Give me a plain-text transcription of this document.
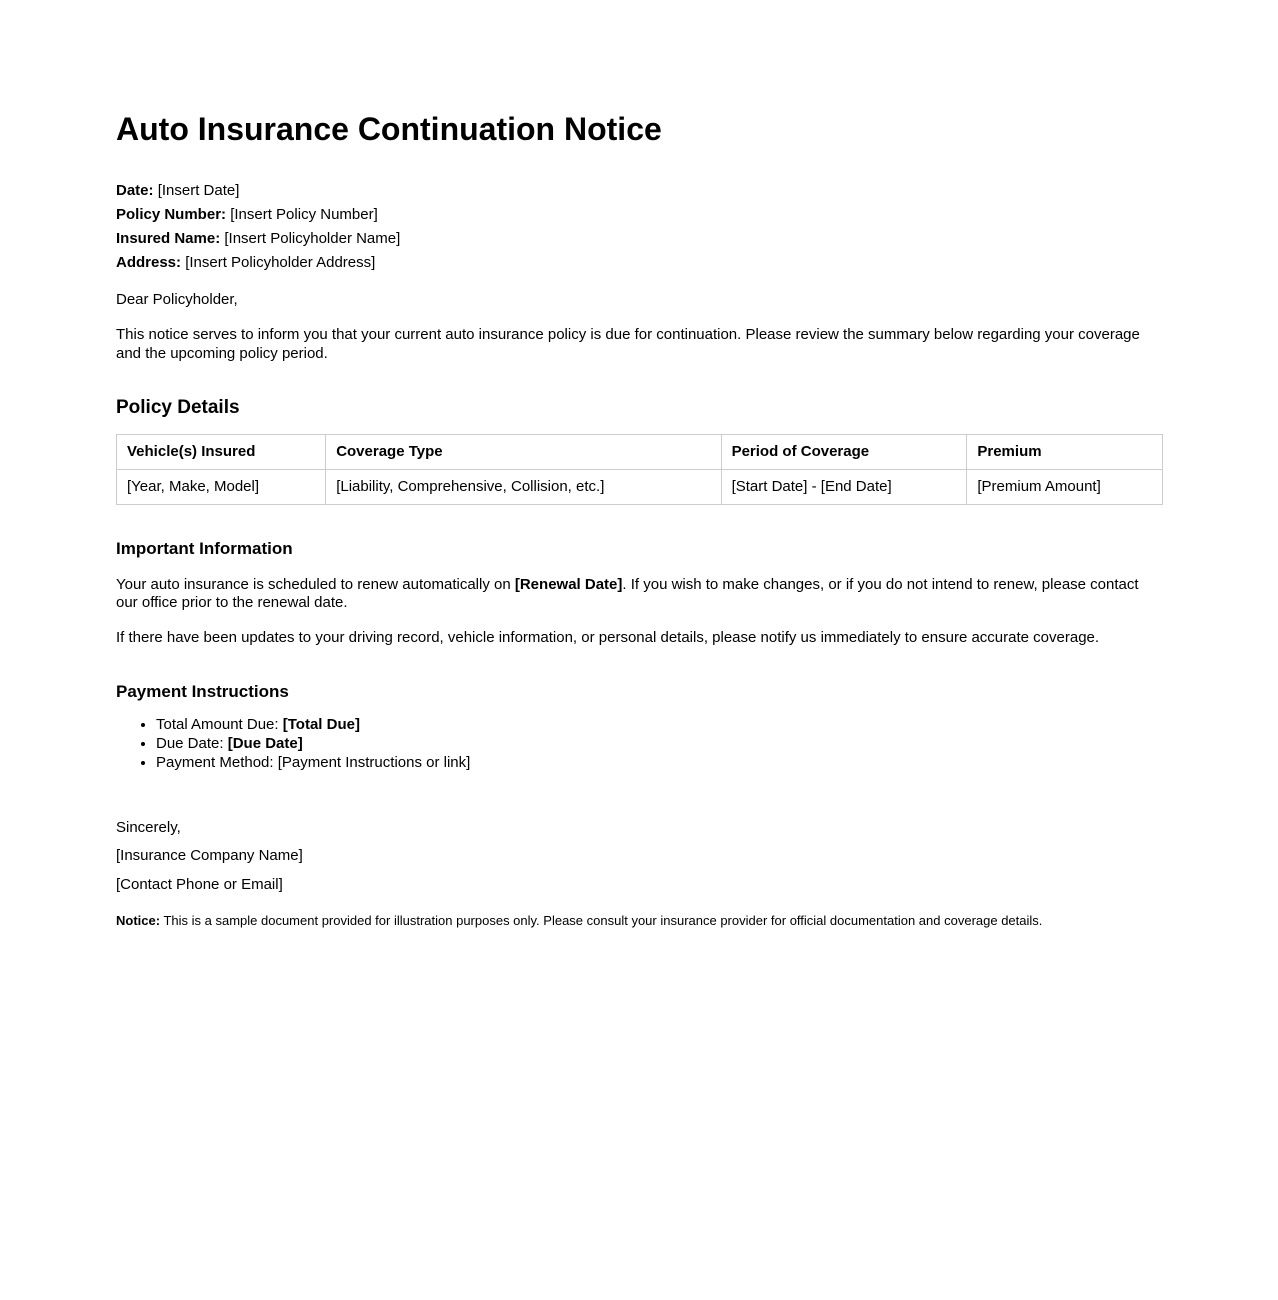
Auto Insurance Continuation Notice
Date: [Insert Date]
Policy Number: [Insert Policy Number]
Insured Name: [Insert Policyholder Name]
Address: [Insert Policyholder Address]

Dear Policyholder,

This notice serves to inform you that your current auto insurance policy is due for continuation. Please review the summary below regarding your coverage and the upcoming policy period.

Policy Details
Vehicle(s) Insured	Coverage Type	Period of Coverage	Premium
[Year, Make, Model]	[Liability, Comprehensive, Collision, etc.]	[Start Date] - [End Date]	[Premium Amount]
Important Information

Your auto insurance is scheduled to renew automatically on [Renewal Date]. If you wish to make changes, or if you do not intend to renew, please contact our office prior to the renewal date.

If there have been updates to your driving record, vehicle information, or personal details, please notify us immediately to ensure accurate coverage.

Payment Instructions
• Total Amount Due: [Total Due]
• Due Date: [Due Date]
• Payment Method: [Payment Instructions or link]

Sincerely,

[Insurance Company Name]

[Contact Phone or Email]

Notice: This is a sample document provided for illustration purposes only. Please consult your insurance provider for official documentation and coverage details.
